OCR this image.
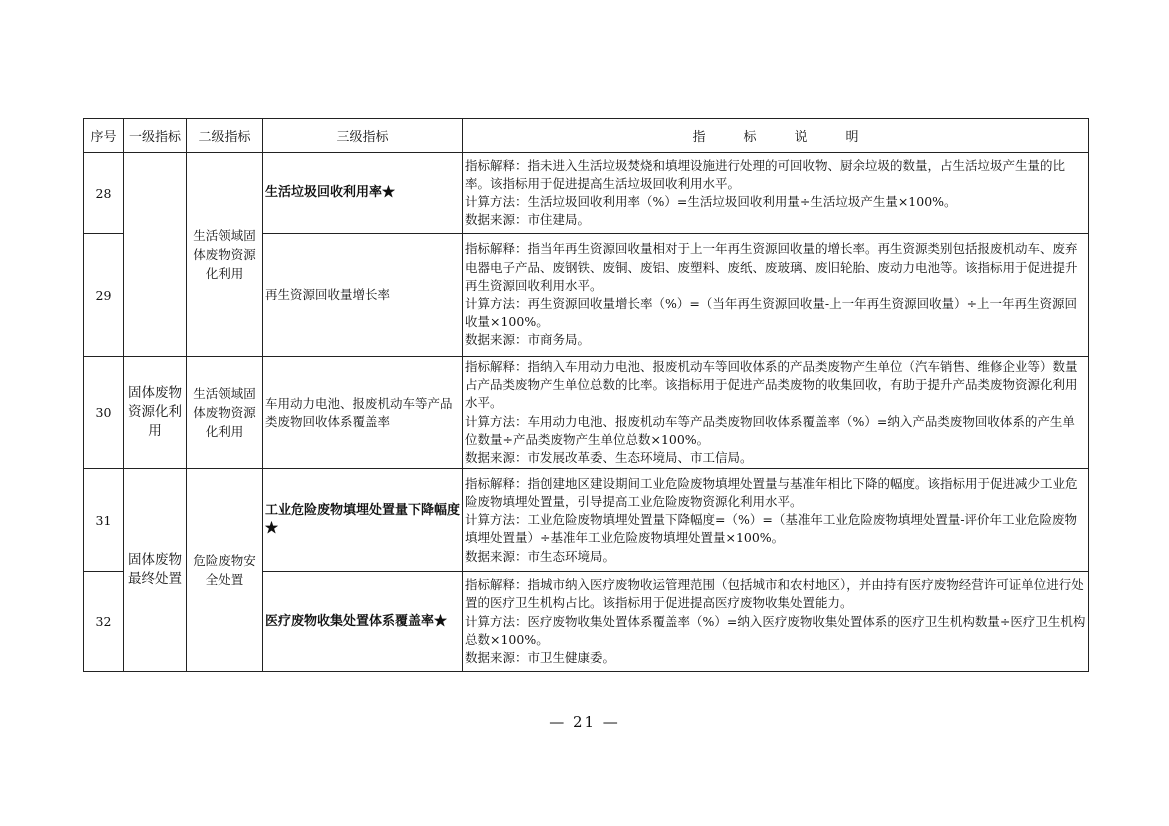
序号	一级指标	二级指标	三级指标	指标说明
28		生活领域固体废物资源化利用	生活垃圾回收利用率★	指标解释：指未进入生活垃圾焚烧和填埋设施进行处理的可回收物、厨余垃圾的数量，占生活垃圾产生量的比率。该指标用于促进提高生活垃圾回收利用水平。
计算方法：生活垃圾回收利用率（%）=生活垃圾回收利用量÷生活垃圾产生量×100%。
数据来源：市住建局。

29			再生资源回收量增长率	指标解释：指当年再生资源回收量相对于上一年再生资源回收量的增长率。再生资源类别包括报废机动车、废弃电器电子产品、废钢铁、废铜、废铝、废塑料、废纸、废玻璃、废旧轮胎、废动力电池等。该指标用于促进提升再生资源回收利用水平。
计算方法：再生资源回收量增长率（%）=（当年再生资源回收量-上一年再生资源回收量）÷上一年再生资源回收量×100%。
数据来源：市商务局。

30	固体废物资源化利用	生活领域固体废物资源化利用	车用动力电池、报废机动车等产品类废物回收体系覆盖率	指标解释：指纳入车用动力电池、报废机动车等回收体系的产品类废物产生单位（汽车销售、维修企业等）数量占产品类废物产生单位总数的比率。该指标用于促进产品类废物的收集回收，有助于提升产品类废物资源化利用水平。
计算方法：车用动力电池、报废机动车等产品类废物回收体系覆盖率（%）=纳入产品类废物回收体系的产生单位数量÷产品类废物产生单位总数×100%。
数据来源：市发展改革委、生态环境局、市工信局。

31	固体废物最终处置	危险废物安全处置	工业危险废物填埋处置量下降幅度★	指标解释：指创建地区建设期间工业危险废物填埋处置量与基准年相比下降的幅度。该指标用于促进减少工业危险废物填埋处置量，引导提高工业危险废物资源化利用水平。
计算方法：工业危险废物填埋处置量下降幅度=（%）=（基准年工业危险废物填埋处置量-评价年工业危险废物填埋处置量）÷基准年工业危险废物填埋处置量×100%。
数据来源：市生态环境局。

32			医疗废物收集处置体系覆盖率★	指标解释：指城市纳入医疗废物收运管理范围（包括城市和农村地区），并由持有医疗废物经营许可证单位进行处置的医疗卫生机构占比。该指标用于促进提高医疗废物收集处置能力。
计算方法：医疗废物收集处置体系覆盖率（%）=纳入医疗废物收集处置体系的医疗卫生机构数量÷医疗卫生机构总数×100%。
数据来源：市卫生健康委。
— 21 —
